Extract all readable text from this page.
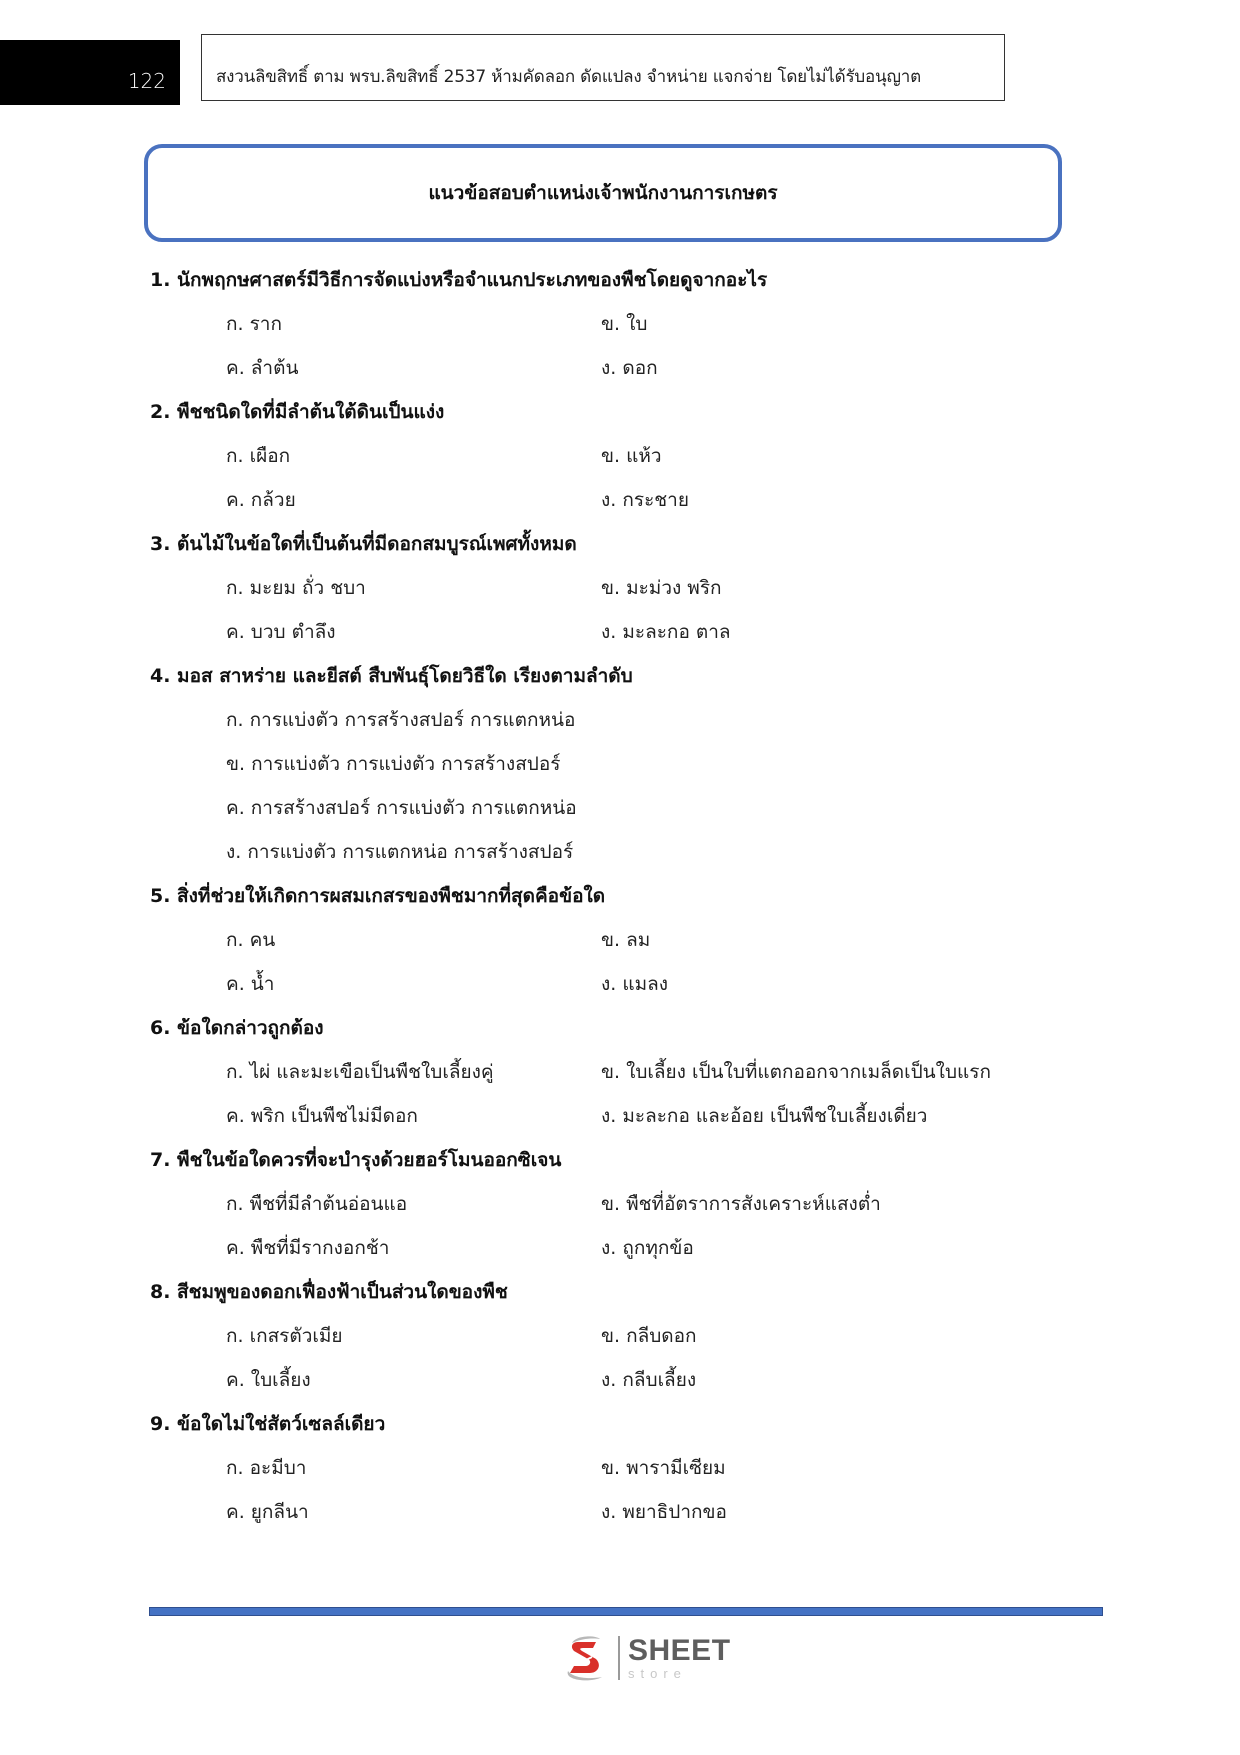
122	สงวนลิขสิทธิ์ ตาม พรบ.ลิขสิทธิ์ 2537 ห้ามคัดลอก ดัดแปลง จำหน่าย แจกจ่าย โดยไม่ได้รับอนุญาต
แนวข้อสอบตำแหน่งเจ้าพนักงานการเกษตร
1. นักพฤกษศาสตร์มีวิธีการจัดแบ่งหรือจำแนกประเภทของพืชโดยดูจากอะไร
ก. ราก	ข. ใบ
ค. ลำต้น	ง. ดอก
2. พืชชนิดใดที่มีลำต้นใต้ดินเป็นแง่ง
ก. เผือก	ข. แห้ว
ค. กล้วย	ง. กระชาย
3. ต้นไม้ในข้อใดที่เป็นต้นที่มีดอกสมบูรณ์เพศทั้งหมด
ก. มะยม ถั่ว ชบา	ข. มะม่วง พริก
ค. บวบ ตำลึง	ง. มะละกอ ตาล
4. มอส สาหร่าย และยีสต์ สืบพันธุ์โดยวิธีใด เรียงตามลำดับ
ก. การแบ่งตัว การสร้างสปอร์ การแตกหน่อ
ข. การแบ่งตัว การแบ่งตัว การสร้างสปอร์
ค. การสร้างสปอร์ การแบ่งตัว การแตกหน่อ
ง. การแบ่งตัว การแตกหน่อ การสร้างสปอร์
5. สิ่งที่ช่วยให้เกิดการผสมเกสรของพืชมากที่สุดคือข้อใด
ก. คน	ข. ลม
ค. น้ำ	ง. แมลง
6. ข้อใดกล่าวถูกต้อง
ก. ไผ่ และมะเขือเป็นพืชใบเลี้ยงคู่	ข. ใบเลี้ยง เป็นใบที่แตกออกจากเมล็ดเป็นใบแรก
ค. พริก เป็นพืชไม่มีดอก	ง. มะละกอ และอ้อย เป็นพืชใบเลี้ยงเดี่ยว
7. พืชในข้อใดควรที่จะบำรุงด้วยฮอร์โมนออกซิเจน
ก. พืชที่มีลำต้นอ่อนแอ	ข. พืชที่อัตราการสังเคราะห์แสงต่ำ
ค. พืชที่มีรากงอกช้า	ง. ถูกทุกข้อ
8. สีชมพูของดอกเฟื่องฟ้าเป็นส่วนใดของพืช
ก. เกสรตัวเมีย	ข. กลีบดอก
ค. ใบเลี้ยง	ง. กลีบเลี้ยง
9. ข้อใดไม่ใช่สัตว์เซลล์เดียว
ก. อะมีบา	ข. พารามีเซียม
ค. ยูกลีนา	ง. พยาธิปากขอ
SHEET
store
